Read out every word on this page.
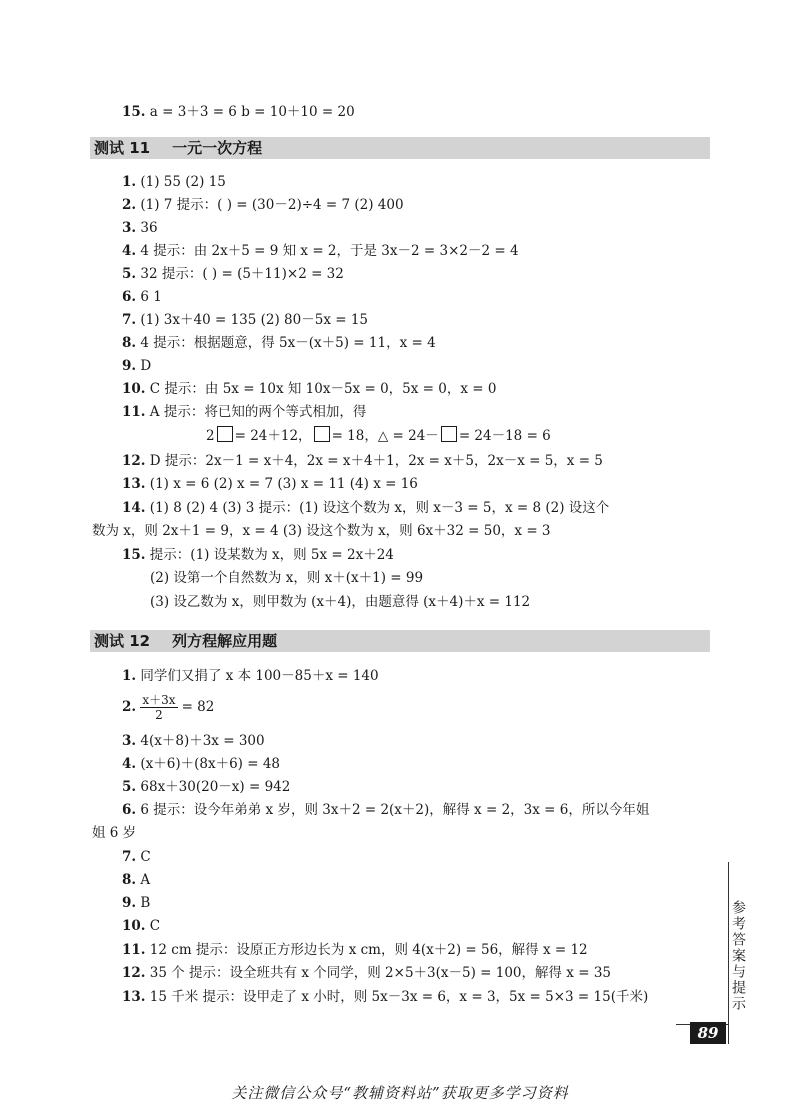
15. a = 3＋3 = 6 b = 10＋10 = 20
测试 11 一元一次方程
1. (1) 55 (2) 15
2. (1) 7 提示：( ) = (30－2)÷4 = 7 (2) 400
3. 36
4. 4 提示：由 2x＋5 = 9 知 x = 2，于是 3x－2 = 3×2－2 = 4
5. 32 提示：( ) = (5＋11)×2 = 32
6. 6 1
7. (1) 3x＋40 = 135 (2) 80－5x = 15
8. 4 提示：根据题意，得 5x－(x＋5) = 11，x = 4
9. D
10. C 提示：由 5x = 10x 知 10x－5x = 0，5x = 0，x = 0
11. A 提示：将已知的两个等式相加，得
2 = 24＋12， = 18，△ = 24－ = 24－18 = 6
12. D 提示：2x－1 = x＋4，2x = x＋4＋1，2x = x＋5，2x－x = 5，x = 5
13. (1) x = 6 (2) x = 7 (3) x = 11 (4) x = 16
14. (1) 8 (2) 4 (3) 3 提示：(1) 设这个数为 x，则 x－3 = 5，x = 8 (2) 设这个
数为 x，则 2x＋1 = 9，x = 4 (3) 设这个数为 x，则 6x＋32 = 50，x = 3
15. 提示：(1) 设某数为 x，则 5x = 2x＋24
(2) 设第一个自然数为 x，则 x＋(x＋1) = 99
(3) 设乙数为 x，则甲数为 (x＋4)，由题意得 (x＋4)＋x = 112
测试 12 列方程解应用题
1. 同学们又捐了 x 本 100－85＋x = 140
2. $\frac{x+3x}{2} = 82$
3. 4(x＋8)＋3x = 300
4. (x＋6)＋(8x＋6) = 48
5. 68x＋30(20－x) = 942
6. 6 提示：设今年弟弟 x 岁，则 3x＋2 = 2(x＋2)，解得 x = 2，3x = 6，所以今年姐
姐 6 岁
7. C
8. A
9. B
10. C
11. 12 cm 提示：设原正方形边长为 x cm，则 4(x＋2) = 56，解得 x = 12
12. 35 个 提示：设全班共有 x 个同学，则 2×5＋3(x－5) = 100，解得 x = 35
13. 15 千米 提示：设甲走了 x 小时，则 5x－3x = 6，x = 3，5x = 5×3 = 15(千米)	参考答案与提示
89
关注微信公众号“教辅资料站”获取更多学习资料
